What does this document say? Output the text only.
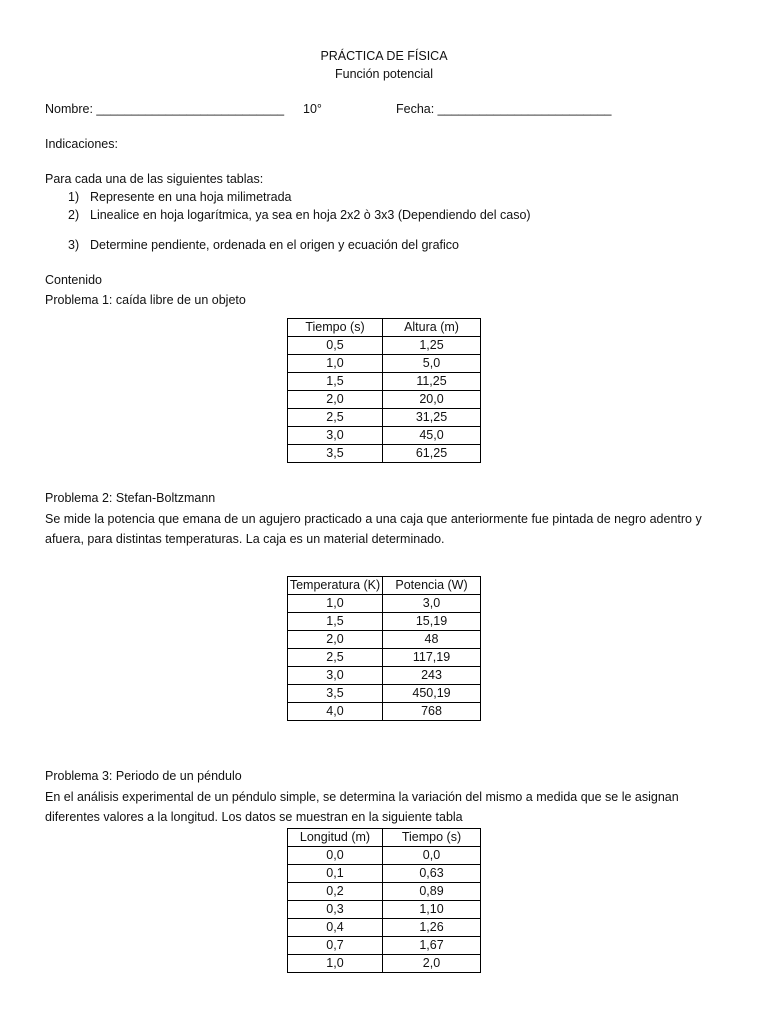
PRÁCTICA DE FÍSICA
Función potencial
Nombre: ___________________________ 10°	Fecha: _________________________
Indicaciones:
Para cada una de las siguientes tablas:
1) Represente en una hoja milimetrada
2) Linealice en hoja logarítmica, ya sea en hoja 2x2 ò 3x3 (Dependiendo del caso)
3) Determine pendiente, ordenada en el origen y ecuación del grafico
Contenido
Problema 1: caída libre de un objeto
Tiempo (s)	Altura (m)
0,5	1,25
1,0	5,0
1,5	11,25
2,0	20,0
2,5	31,25
3,0	45,0
3,5	61,25
Problema 2: Stefan-Boltzmann
Se mide la potencia que emana de un agujero practicado a una caja que anteriormente fue pintada de negro adentro y afuera, para distintas temperaturas. La caja es un material determinado.
Temperatura (K)	Potencia (W)
1,0	3,0
1,5	15,19
2,0	48
2,5	117,19
3,0	243
3,5	450,19
4,0	768
Problema 3: Periodo de un péndulo
En el análisis experimental de un péndulo simple, se determina la variación del mismo a medida que se le asignan diferentes valores a la longitud. Los datos se muestran en la siguiente tabla
Longitud (m)	Tiempo (s)
0,0	0,0
0,1	0,63
0,2	0,89
0,3	1,10
0,4	1,26
0,7	1,67
1,0	2,0
